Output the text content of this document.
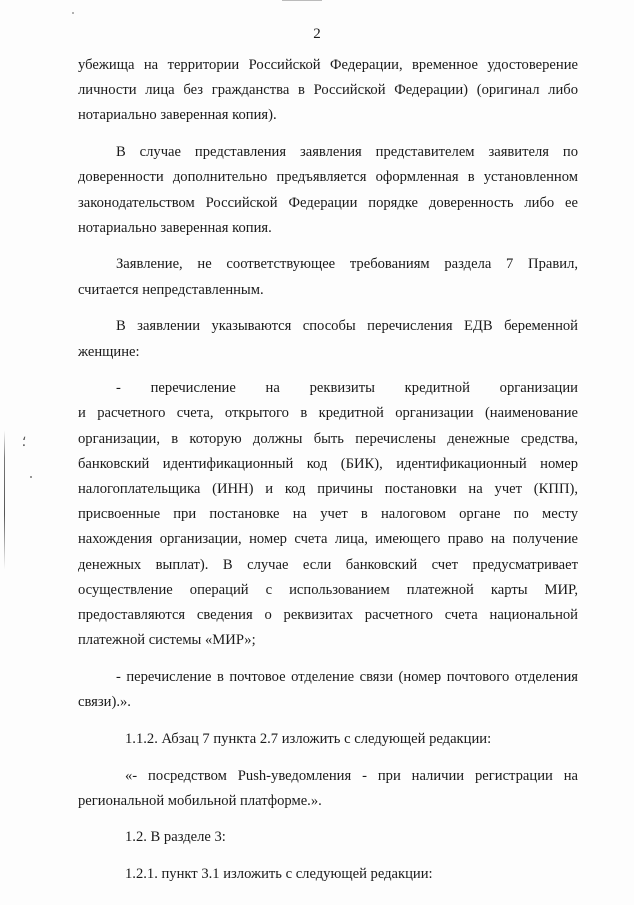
2
⸵

убежища на территории Российской Федерации, временное удостоверение
личности лица без гражданства в Российской Федерации) (оригинал либо
нотариально заверенная копия).

В случае представления заявления представителем заявителя по
доверенности дополнительно предъявляется оформленная в установленном
законодательством Российской Федерации порядке доверенность либо ее
нотариально заверенная копия.

Заявление, не соответствующее требованиям раздела 7 Правил,
считается непредставленным.

В заявлении указываются способы перечисления ЕДВ беременной
женщине:

- перечисление на реквизиты кредитной организации
и расчетного счета, открытого в кредитной организации (наименование
организации, в которую должны быть перечислены денежные средства,
банковский идентификационный код (БИК), идентификационный номер
налогоплательщика (ИНН) и код причины постановки на учет (КПП),
присвоенные при постановке на учет в налоговом органе по месту
нахождения организации, номер счета лица, имеющего право на получение
денежных выплат). В случае если банковский счет предусматривает
осуществление операций с использованием платежной карты МИР,
предоставляются сведения о реквизитах расчетного счета национальной
платежной системы «МИР»;

- перечисление в почтовое отделение связи (номер почтового отделения
связи).».

1.1.2. Абзац 7 пункта 2.7 изложить с следующей редакции:

«- посредством Push-уведомления - при наличии регистрации на
региональной мобильной платформе.».

1.2. В разделе 3:

1.2.1. пункт 3.1 изложить с следующей редакции:
